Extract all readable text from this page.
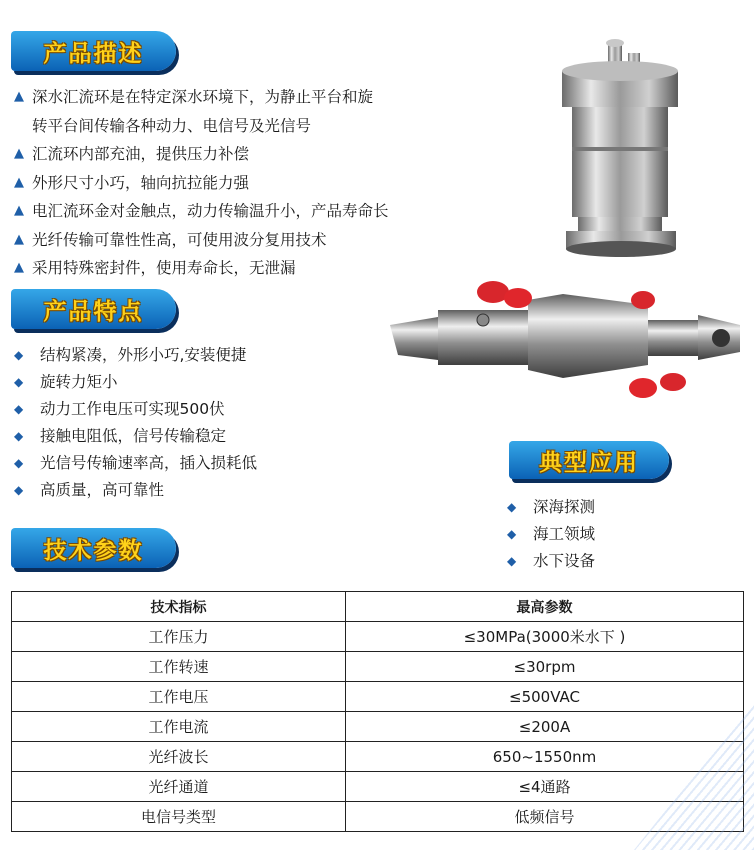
产品描述
▲ 深水汇流环是在特定深水环境下，为静止平台和旋
转平台间传输各种动力、电信号及光信号
▲ 汇流环内部充油，提供压力补偿
▲ 外形尺寸小巧，轴向抗拉能力强
▲ 电汇流环金对金触点，动力传输温升小，产品寿命长
▲ 光纤传输可靠性性高，可使用波分复用技术
▲ 采用特殊密封件，使用寿命长，无泄漏
产品特点
◆	结构紧凑，外形小巧,安装便捷
◆	旋转力矩小
◆	动力工作电压可实现500伏
◆	接触电阻低，信号传输稳定
◆	光信号传输速率高，插入损耗低
◆	高质量，高可靠性
典型应用
◆	深海探测
◆	海工领域
◆	水下设备
技术参数
技术指标	最高参数
工作压力	≤30MPa(3000米水下 )
工作转速	≤30rpm
工作电压	≤500VAC
工作电流	≤200A
光纤波长	650~1550nm
光纤通道	≤4通路
电信号类型	低频信号
